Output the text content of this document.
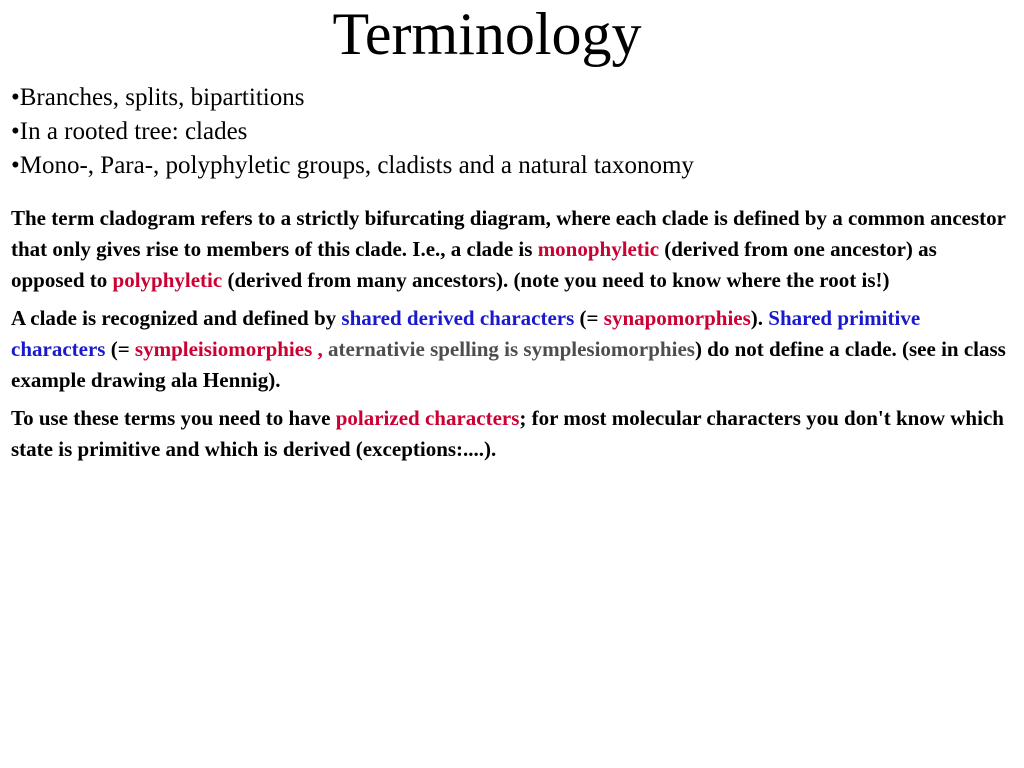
Terminology
•Branches, splits, bipartitions
•In a rooted tree: clades
•Mono-, Para-, polyphyletic groups, cladists and a natural taxonomy

The term cladogram refers to a strictly bifurcating diagram, where each clade is defined by a common ancestor that only gives rise to members of this clade. I.e., a clade is monophyletic (derived from one ancestor) as opposed to polyphyletic (derived from many ancestors). (note you need to know where the root is!)

A clade is recognized and defined by shared derived characters (= synapomorphies). Shared primitive characters (= sympleisiomorphies , aternativie spelling is symplesiomorphies) do not define a clade. (see in class example drawing ala Hennig).

To use these terms you need to have polarized characters; for most molecular characters you don't know which state is primitive and which is derived (exceptions:....).
